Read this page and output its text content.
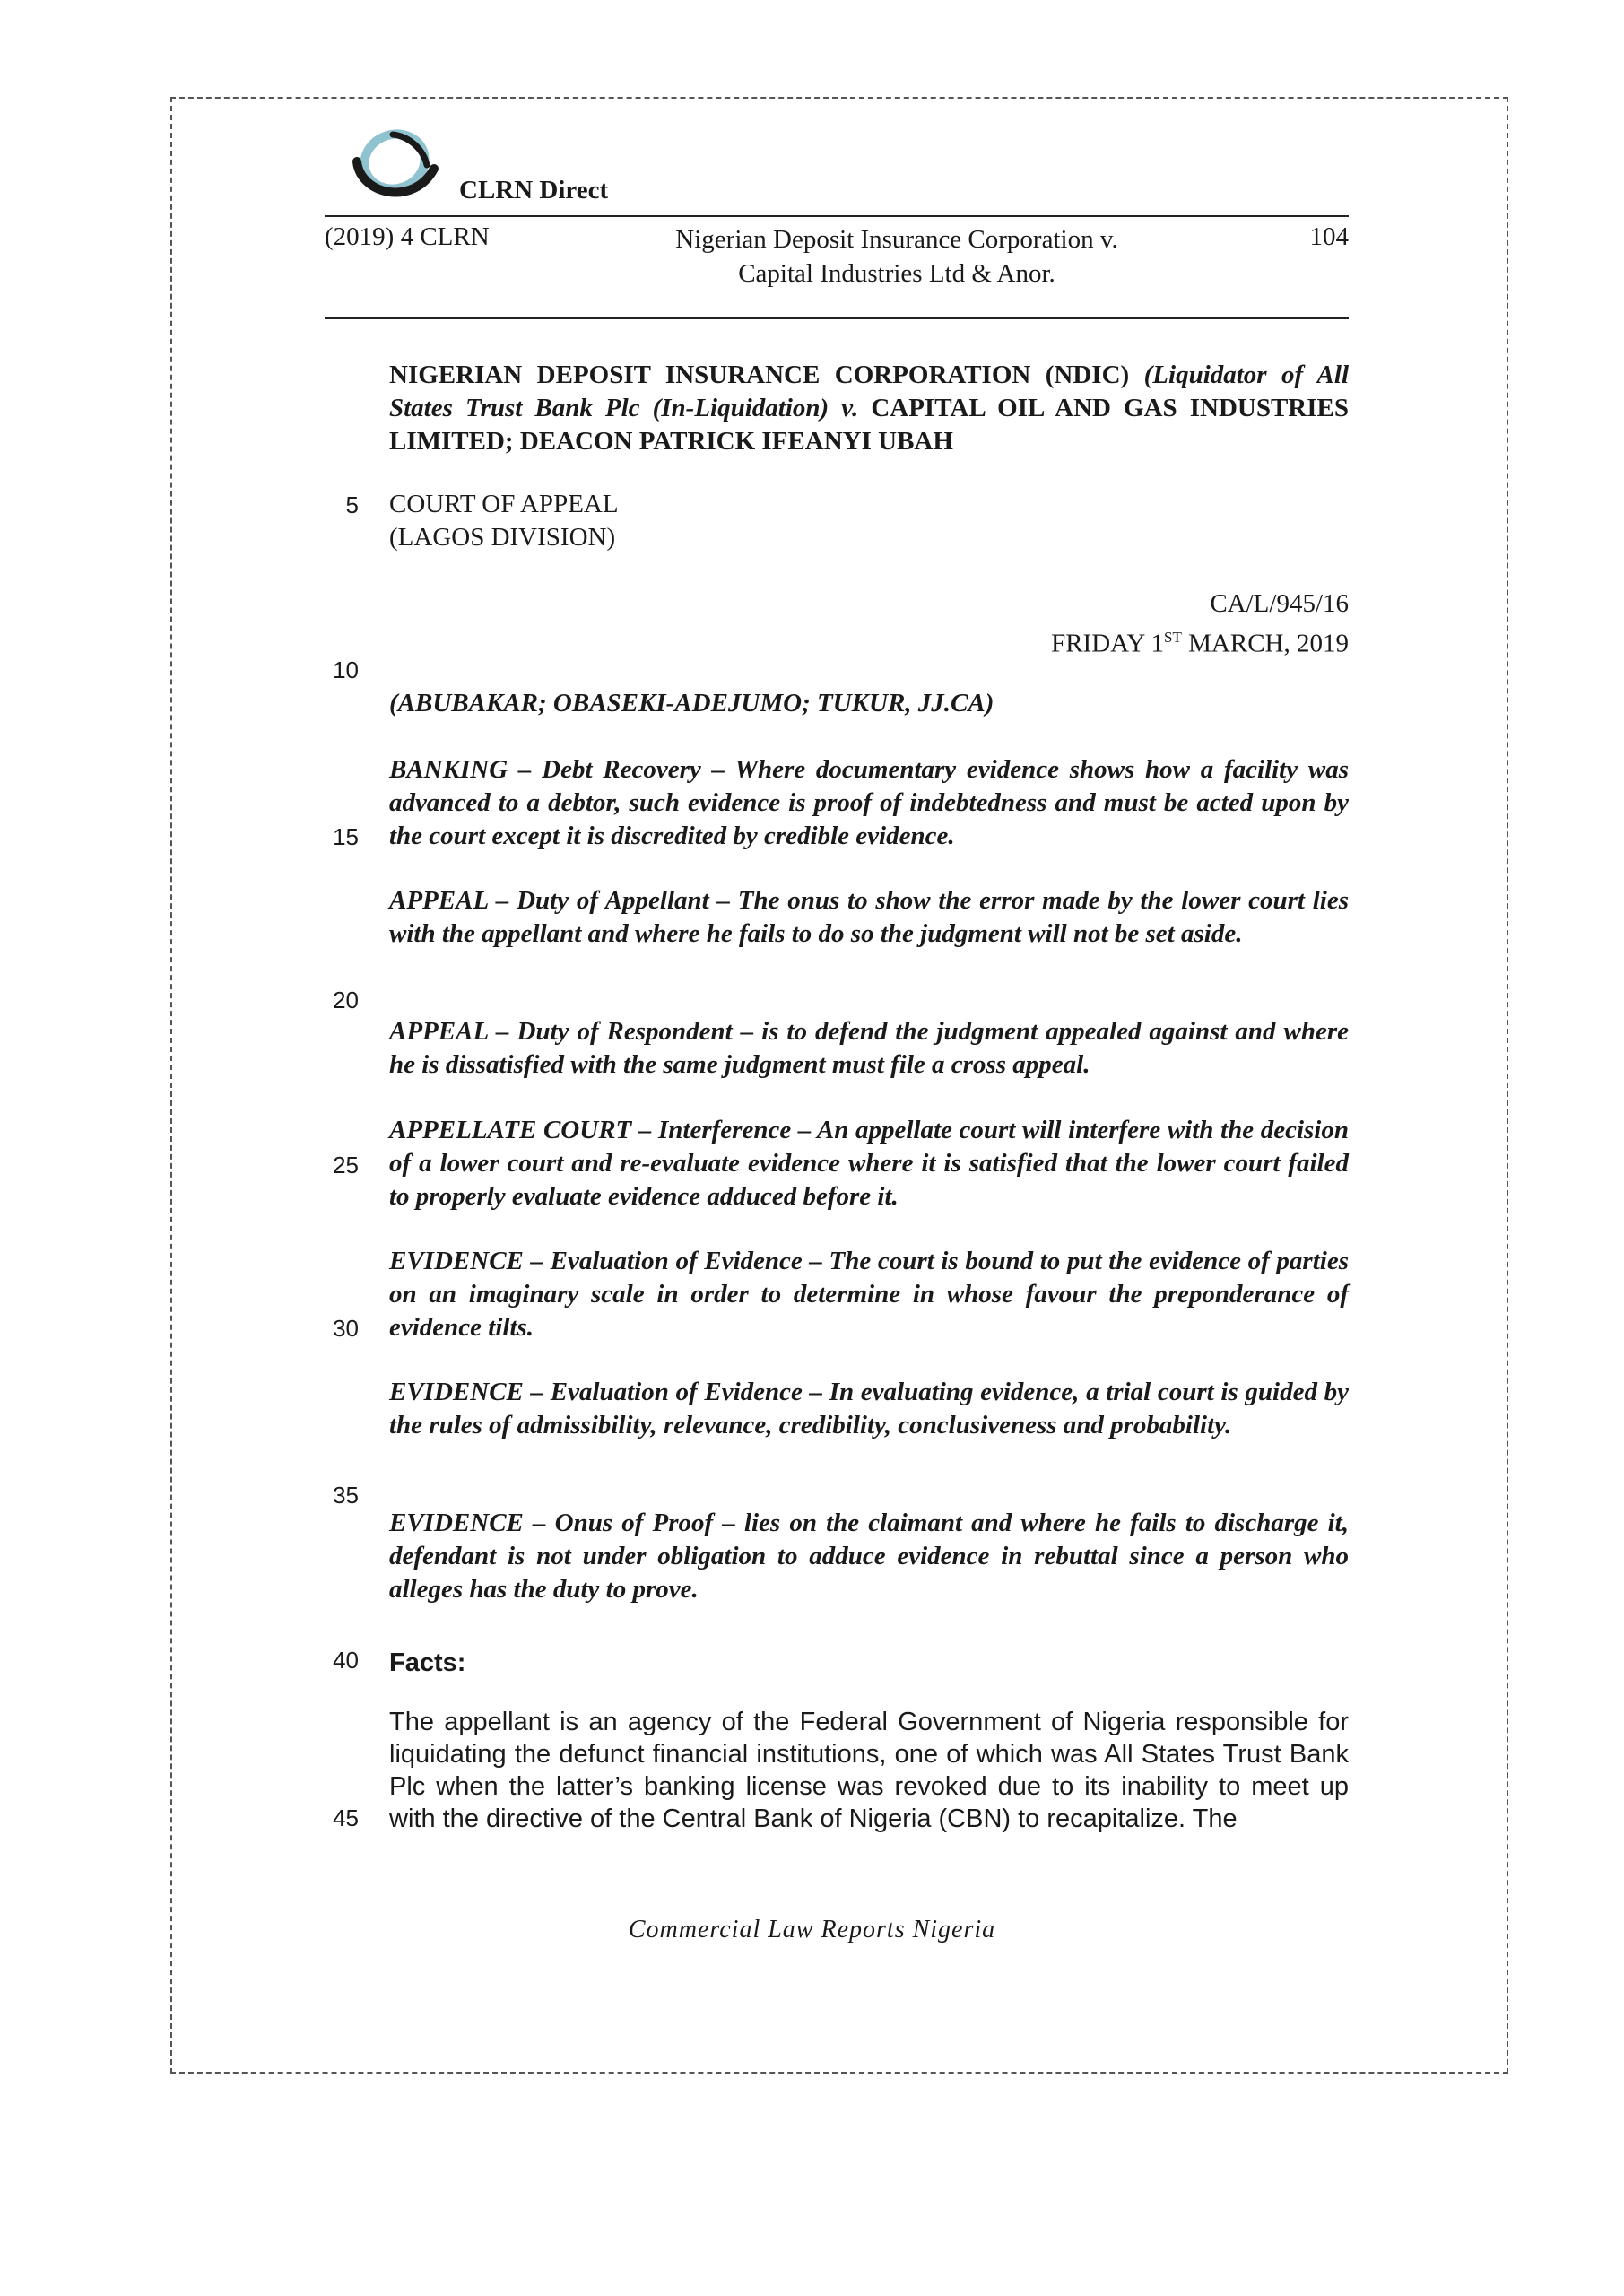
CLRN Direct
(2019) 4 CLRN	Nigerian Deposit Insurance Corporation v.
Capital Industries Ltd & Anor.
104
NIGERIAN DEPOSIT INSURANCE CORPORATION (NDIC) (Liquidator of All States Trust Bank Plc (In-Liquidation) v. CAPITAL OIL AND GAS INDUSTRIES LIMITED; DEACON PATRICK IFEANYI UBAH
COURT OF APPEAL
(LAGOS DIVISION)
CA/L/945/16
FRIDAY 1ST MARCH, 2019
(ABUBAKAR; OBASEKI-ADEJUMO; TUKUR, JJ.CA)
BANKING – Debt Recovery – Where documentary evidence shows how a facility was advanced to a debtor, such evidence is proof of indebtedness and must be acted upon by the court except it is discredited by credible evidence.
APPEAL – Duty of Appellant – The onus to show the error made by the lower court lies with the appellant and where he fails to do so the judgment will not be set aside.
APPEAL – Duty of Respondent – is to defend the judgment appealed against and where he is dissatisfied with the same judgment must file a cross appeal.
APPELLATE COURT – Interference – An appellate court will interfere with the decision of a lower court and re-evaluate evidence where it is satisfied that the lower court failed to properly evaluate evidence adduced before it.
EVIDENCE – Evaluation of Evidence – The court is bound to put the evidence of parties on an imaginary scale in order to determine in whose favour the preponderance of evidence tilts.
EVIDENCE – Evaluation of Evidence – In evaluating evidence, a trial court is guided by the rules of admissibility, relevance, credibility, conclusiveness and probability.
EVIDENCE – Onus of Proof – lies on the claimant and where he fails to discharge it, defendant is not under obligation to adduce evidence in rebuttal since a person who alleges has the duty to prove.
Facts:
The appellant is an agency of the Federal Government of Nigeria responsible for liquidating the defunct financial institutions, one of which was All States Trust Bank Plc when the latter’s banking license was revoked due to its inability to meet up with the directive of the Central Bank of Nigeria (CBN) to recapitalize. The
5
10
15
20
25
30
35
40
45
Commercial Law Reports Nigeria
